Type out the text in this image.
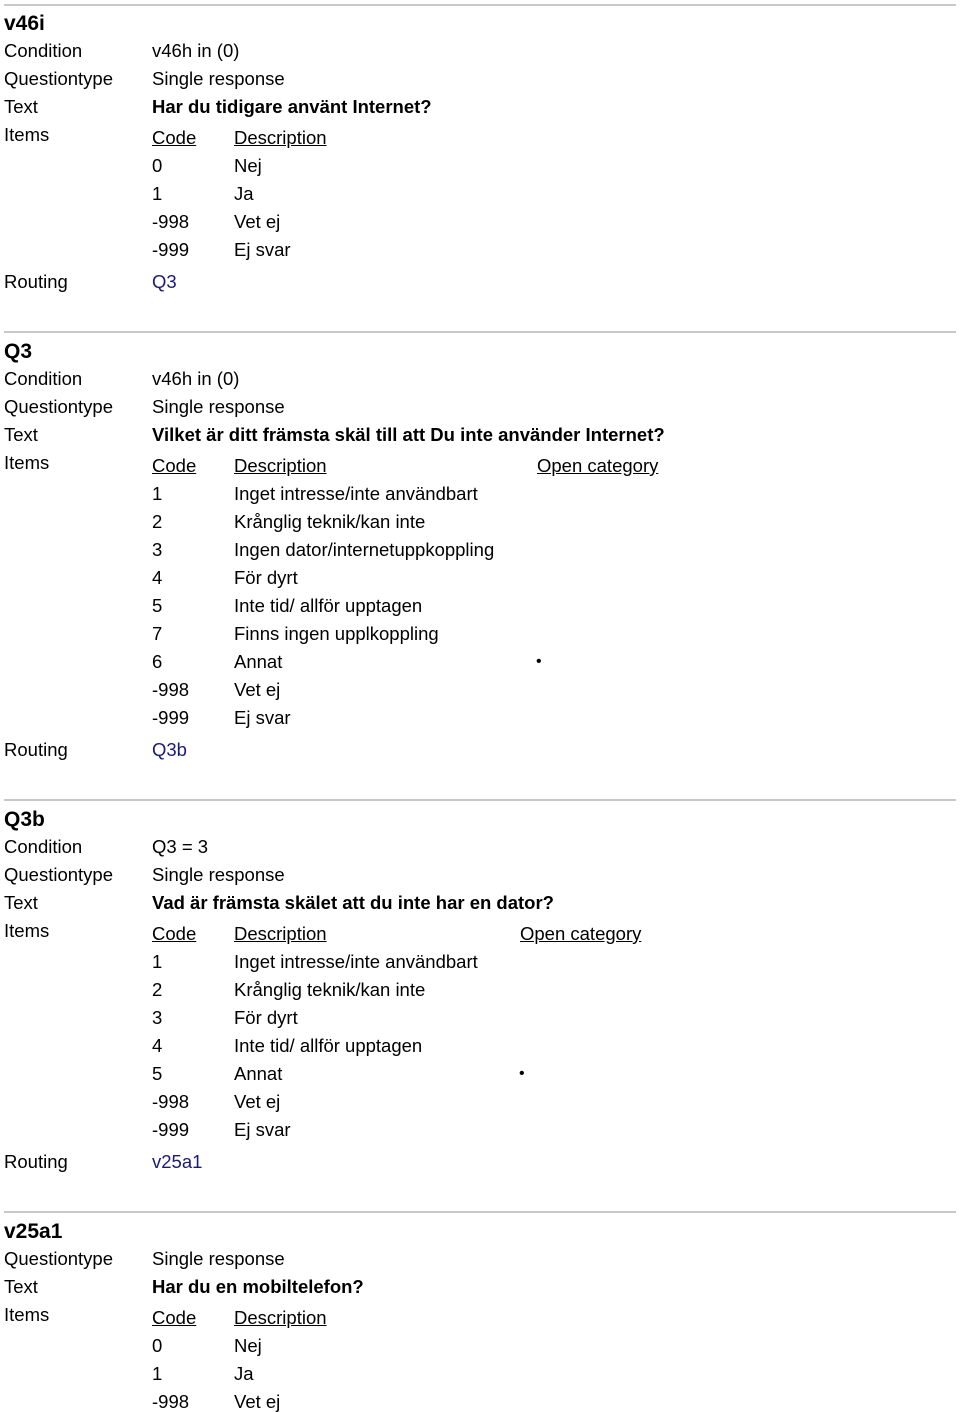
v46i
Condition	v46h in (0)
Questiontype Single response
Text	Har du tidigare använt Internet?
Items	Code Description
0	Nej
1	Ja
-998 Vet ej
-999 Ej svar
Routing	Q3
Q3
Condition	v46h in (0)
Questiontype Single response
Text	Vilket är ditt främsta skäl till att Du inte använder Internet?
Items	Code Description	Open category
1	Inget intresse/inte användbart
2	Krånglig teknik/kan inte
3	Ingen dator/internetuppkoppling
4	För dyrt
5	Inte tid/ allför upptagen
7	Finns ingen upplkoppling
6	Annat	•
-998 Vet ej
-999 Ej svar
Routing	Q3b
Q3b
Condition	Q3 = 3
Questiontype Single response
Text	Vad är främsta skälet att du inte har en dator?
Items	Code Description	Open category
1	Inget intresse/inte användbart
2	Krånglig teknik/kan inte
3	För dyrt
4	Inte tid/ allför upptagen
5	Annat	•
-998 Vet ej
-999 Ej svar
Routing	v25a1
v25a1
Questiontype Single response
Text	Har du en mobiltelefon?
Items	Code Description
0	Nej
1	Ja
-998 Vet ej
